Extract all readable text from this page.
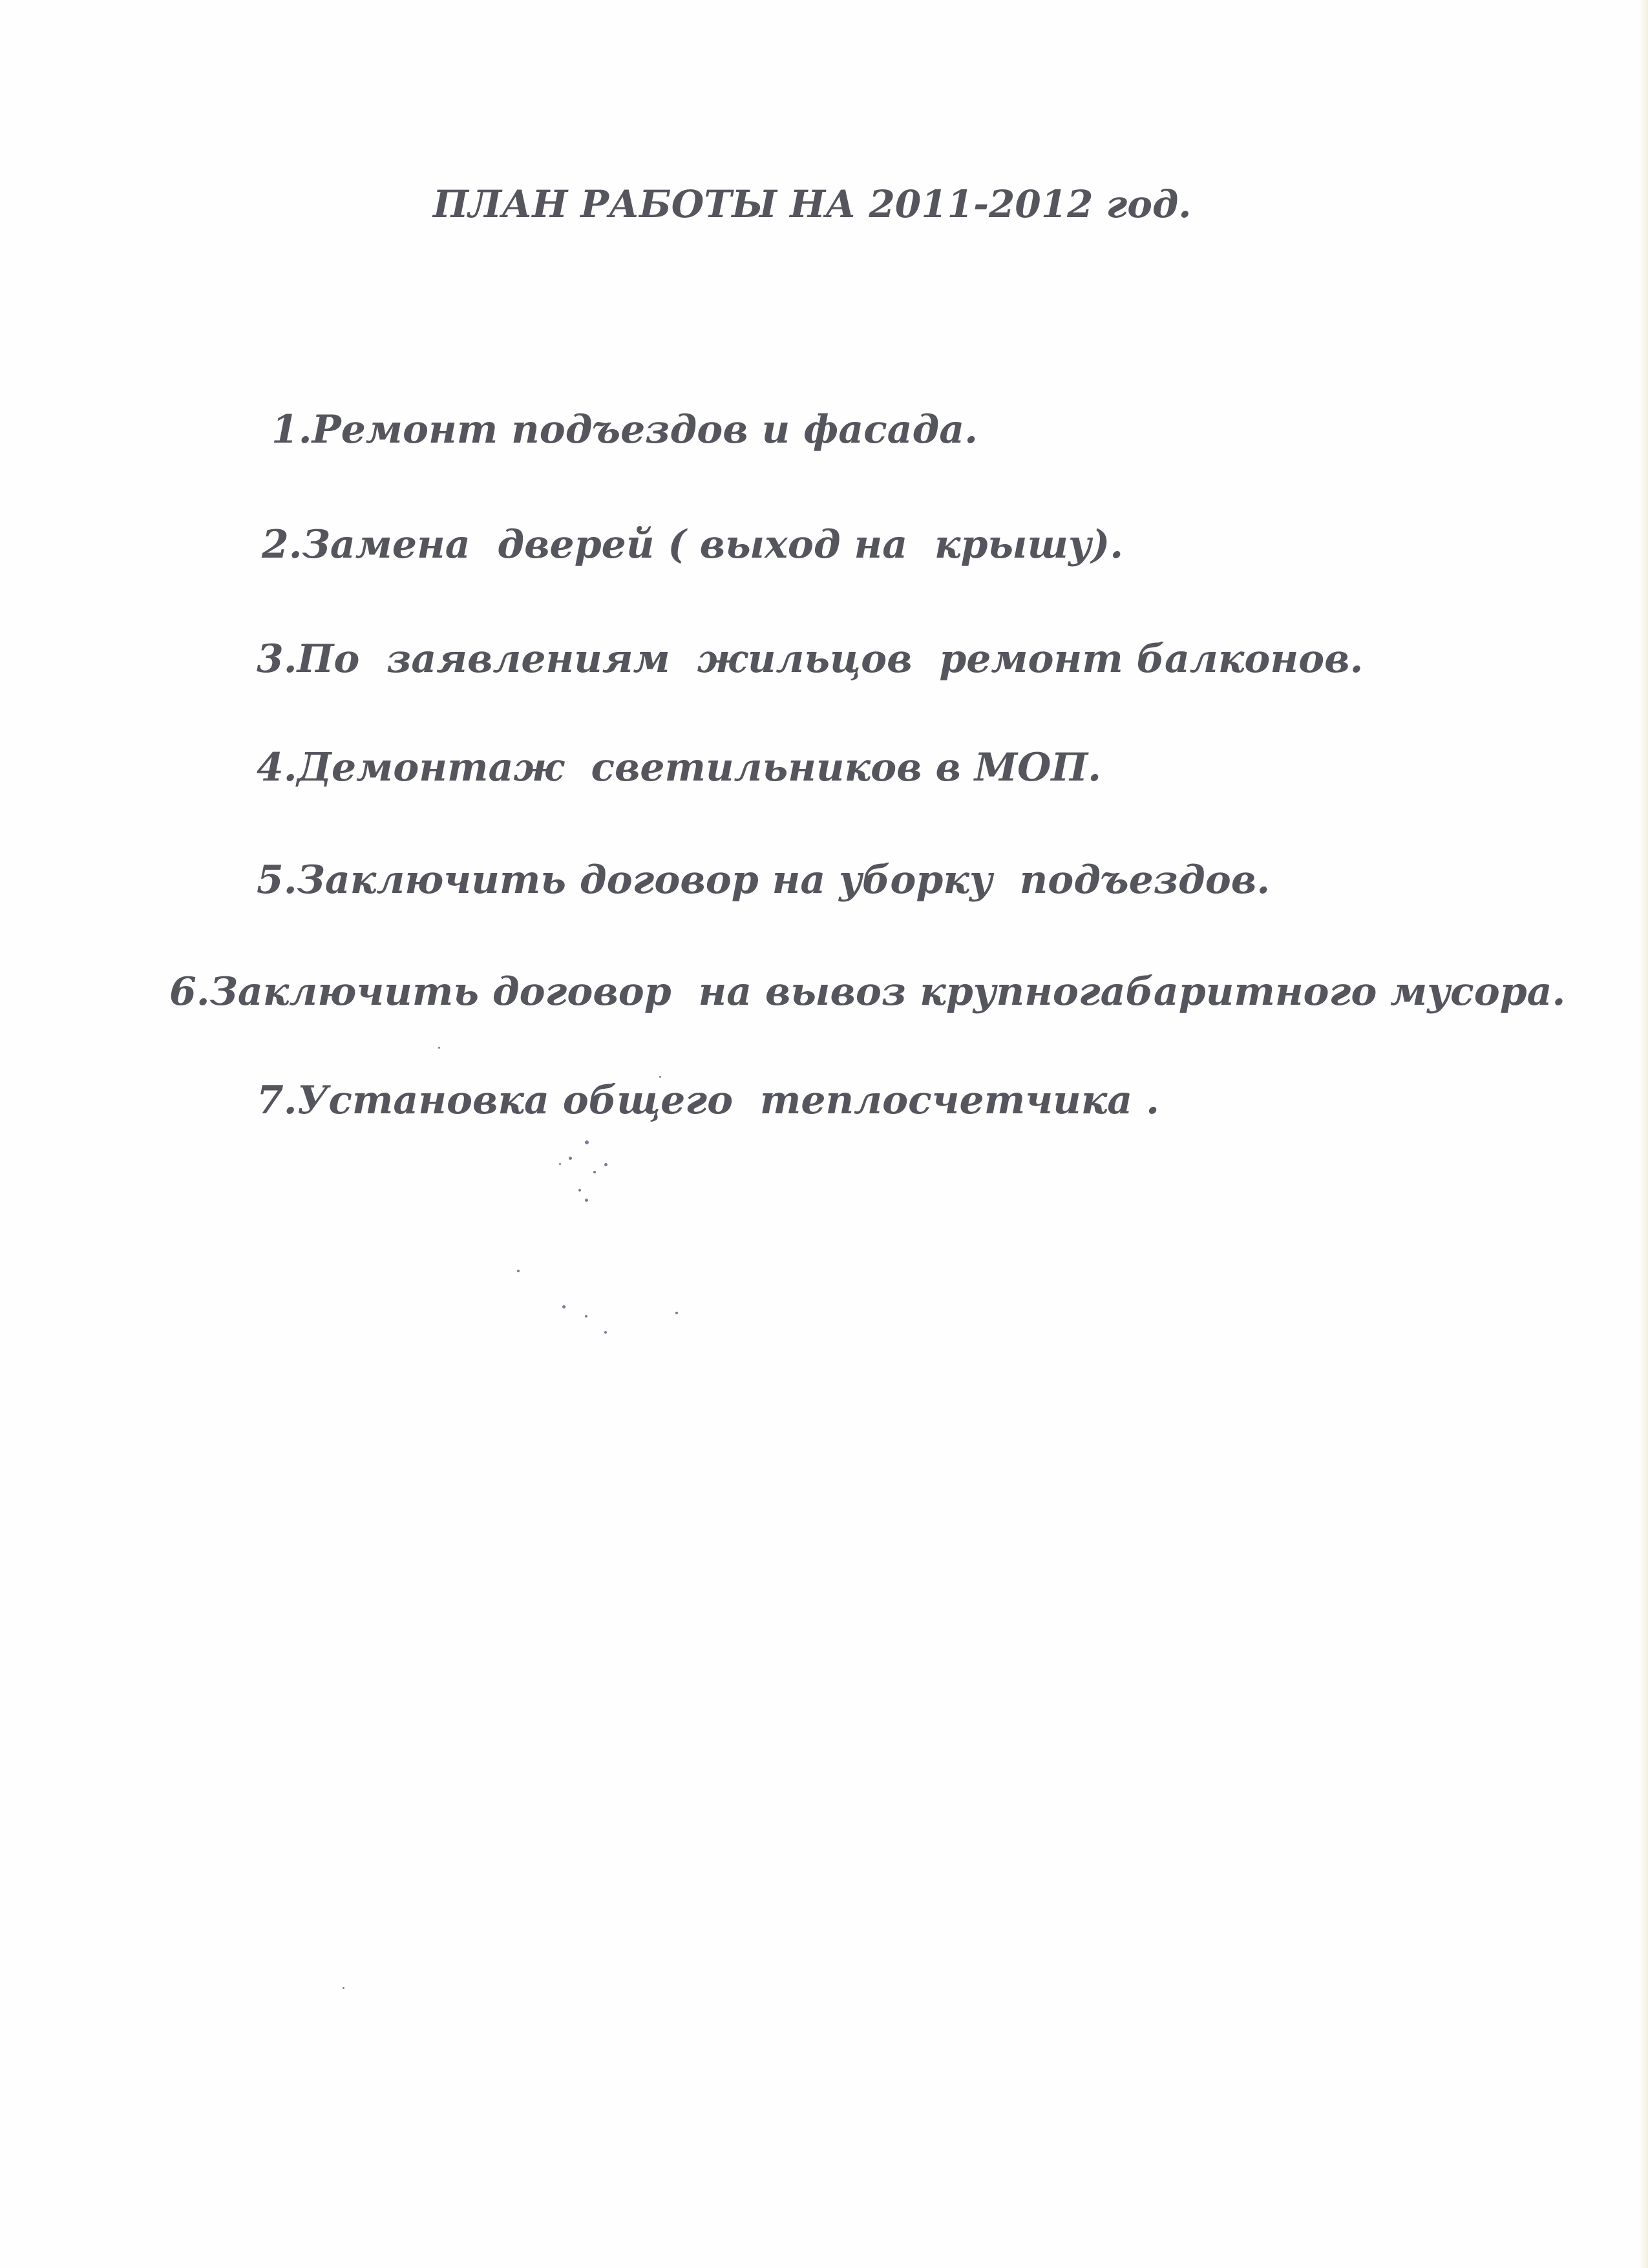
ПЛАН РАБОТЫ НА 2011-2012 год.
1.Ремонт подъездов и фасада.
2.Замена  дверей ( выход на  крышу).
3.По  заявлениям  жильцов  ремонт балконов.
4.Демонтаж  светильников в МОП.
5.Заключить договор на уборку  подъездов.
6.Заключить договор  на вывоз крупногабаритного мусора.
7.Установка общего  теплосчетчика .
